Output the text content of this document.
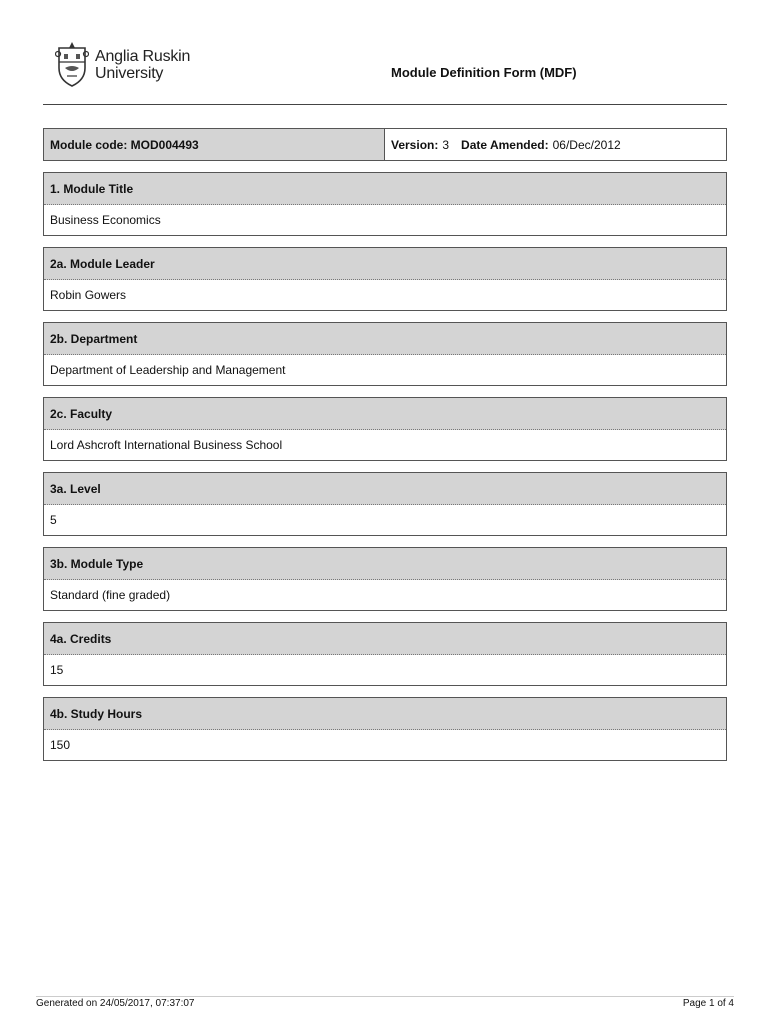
Anglia Ruskin
University	Module Definition Form (MDF)
Module code: MOD004493	Version: 3 Date Amended: 06/Dec/2012
1. Module Title
Business Economics
2a. Module Leader
Robin Gowers
2b. Department
Department of Leadership and Management
2c. Faculty
Lord Ashcroft International Business School
3a. Level
5
3b. Module Type
Standard (fine graded)
4a. Credits
15
4b. Study Hours
150
Generated on 24/05/2017, 07:37:07	Page 1 of 4
